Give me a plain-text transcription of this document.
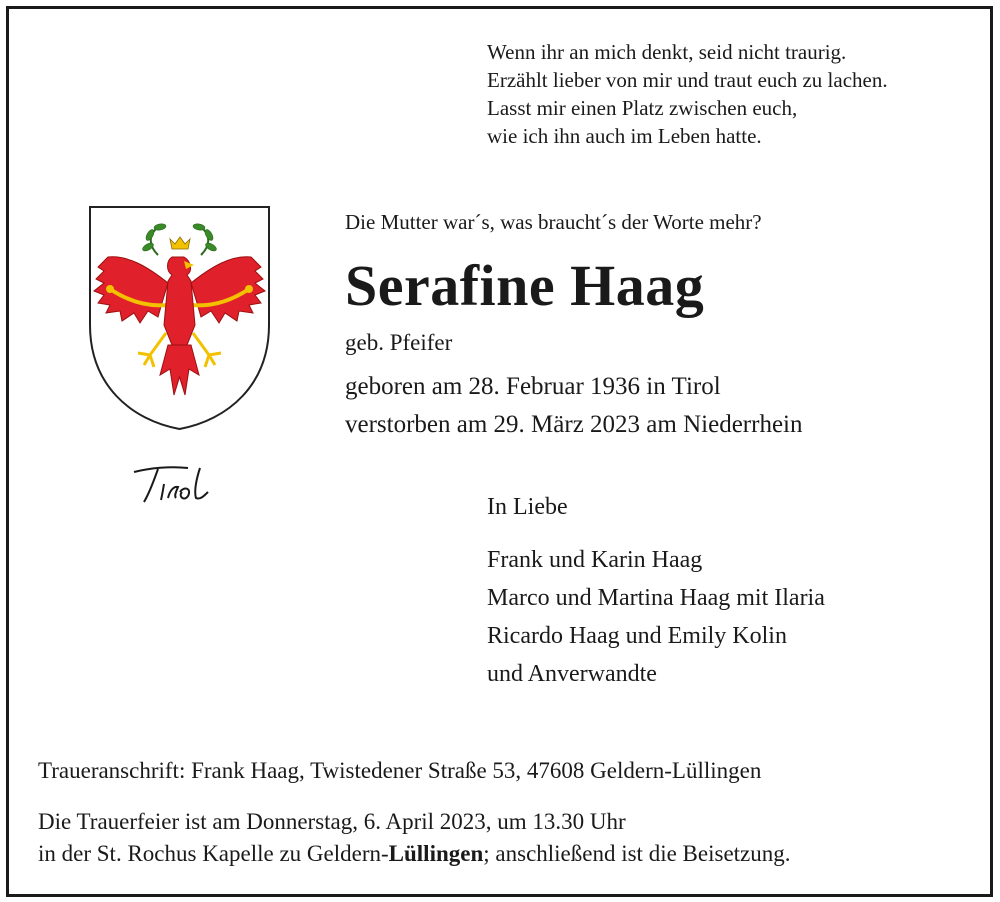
Wenn ihr an mich denkt, seid nicht traurig.
Erzählt lieber von mir und traut euch zu lachen.
Lasst mir einen Platz zwischen euch,
wie ich ihn auch im Leben hatte.
Die Mutter war´s, was braucht´s der Worte mehr?
Serafine Haag
geb. Pfeifer
geboren am 28. Februar 1936 in Tirol
verstorben am 29. März 2023 am Niederrhein
In Liebe
Frank und Karin Haag
Marco und Martina Haag mit Ilaria
Ricardo Haag und Emily Kolin
und Anverwandte
Traueranschrift: Frank Haag, Twistedener Straße 53, 47608 Geldern-Lüllingen
Die Trauerfeier ist am Donnerstag, 6. April 2023, um 13.30 Uhr
in der St. Rochus Kapelle zu Geldern-Lüllingen; anschließend ist die Beisetzung.
